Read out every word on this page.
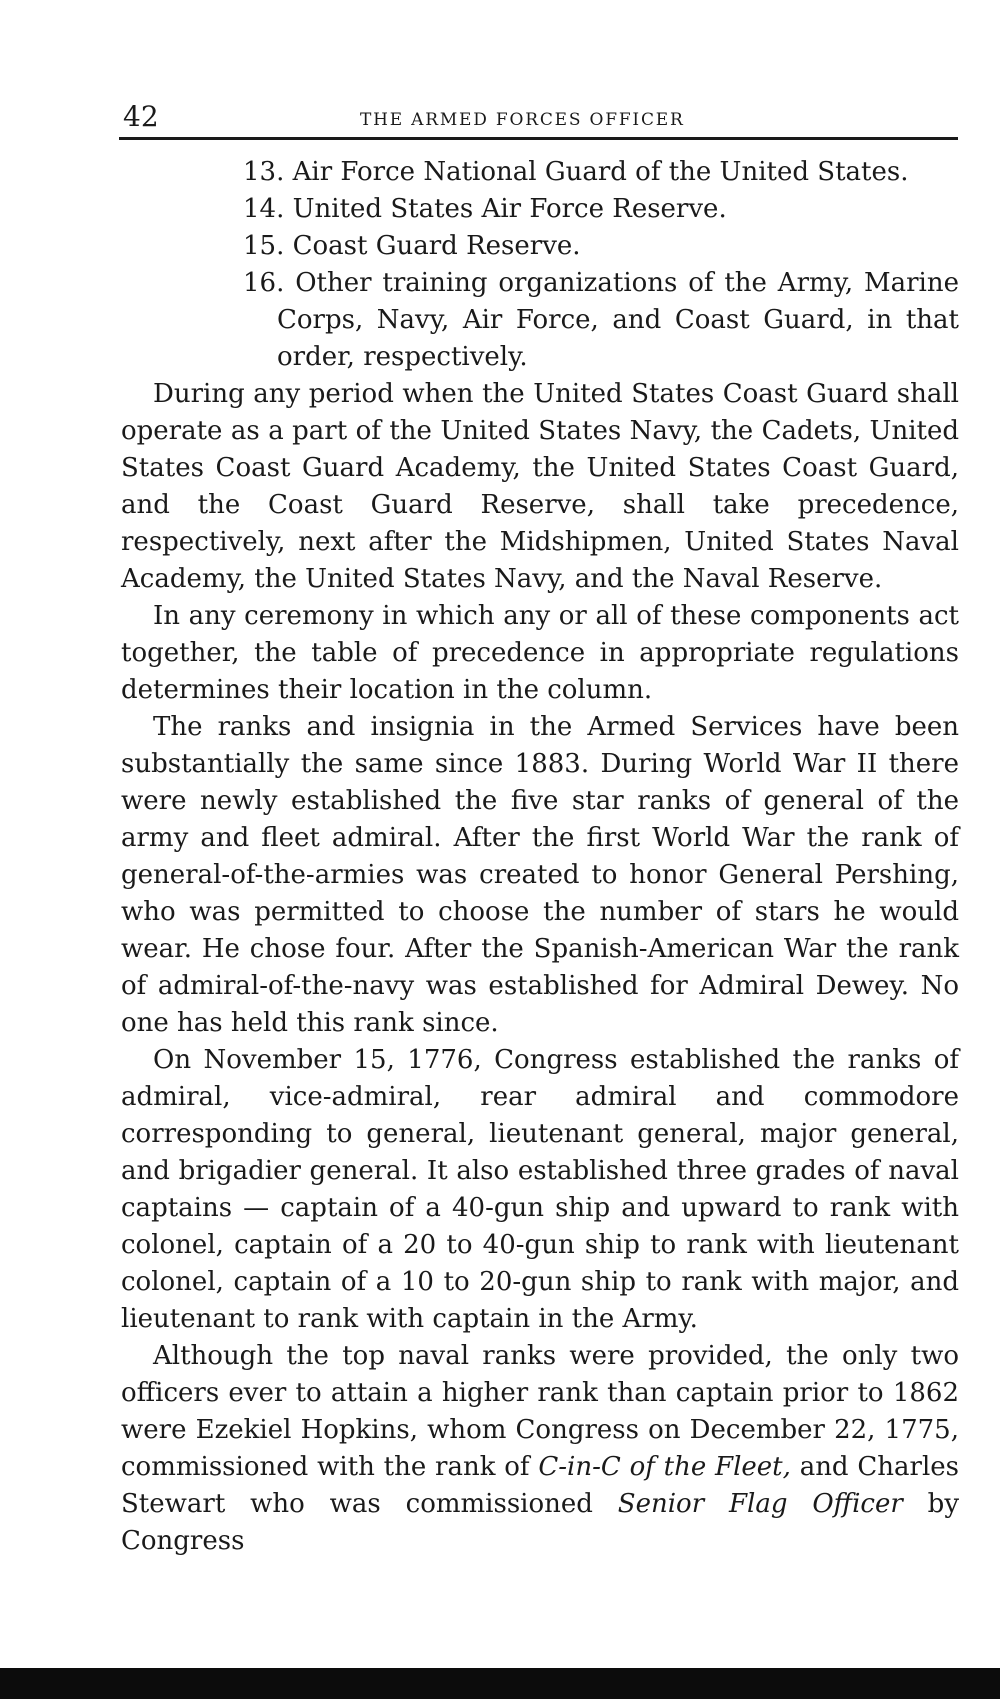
42	THE ARMED FORCES OFFICER

13. Air Force National Guard of the United States.

14. United States Air Force Reserve.

15. Coast Guard Reserve.

16. Other training organizations of the Army, Marine Corps, Navy, Air Force, and Coast Guard, in that order, respectively.

During any period when the United States Coast Guard shall operate as a part of the United States Navy, the Cadets, United States Coast Guard Academy, the United States Coast Guard, and the Coast Guard Reserve, shall take precedence, respectively, next after the Midshipmen, United States Naval Academy, the United States Navy, and the Naval Reserve.

In any ceremony in which any or all of these components act together, the table of precedence in appropriate regulations determines their location in the column.

The ranks and insignia in the Armed Services have been substantially the same since 1883. During World War II there were newly established the five star ranks of general of the army and fleet admiral. After the first World War the rank of general-of-the-armies was created to honor General Pershing, who was permitted to choose the number of stars he would wear. He chose four. After the Spanish-American War the rank of admiral-of-the-navy was established for Admiral Dewey. No one has held this rank since.

On November 15, 1776, Congress established the ranks of admiral, vice-admiral, rear admiral and commodore corresponding to general, lieutenant general, major general, and brigadier general. It also established three grades of naval captains — captain of a 40-gun ship and upward to rank with colonel, captain of a 20 to 40-gun ship to rank with lieutenant colonel, captain of a 10 to 20-gun ship to rank with major, and lieutenant to rank with captain in the Army.

Although the top naval ranks were provided, the only two officers ever to attain a higher rank than captain prior to 1862 were Ezekiel Hopkins, whom Congress on December 22, 1775, commissioned with the rank of C-in-C of the Fleet, and Charles Stewart who was commissioned Senior Flag Officer by Congress
